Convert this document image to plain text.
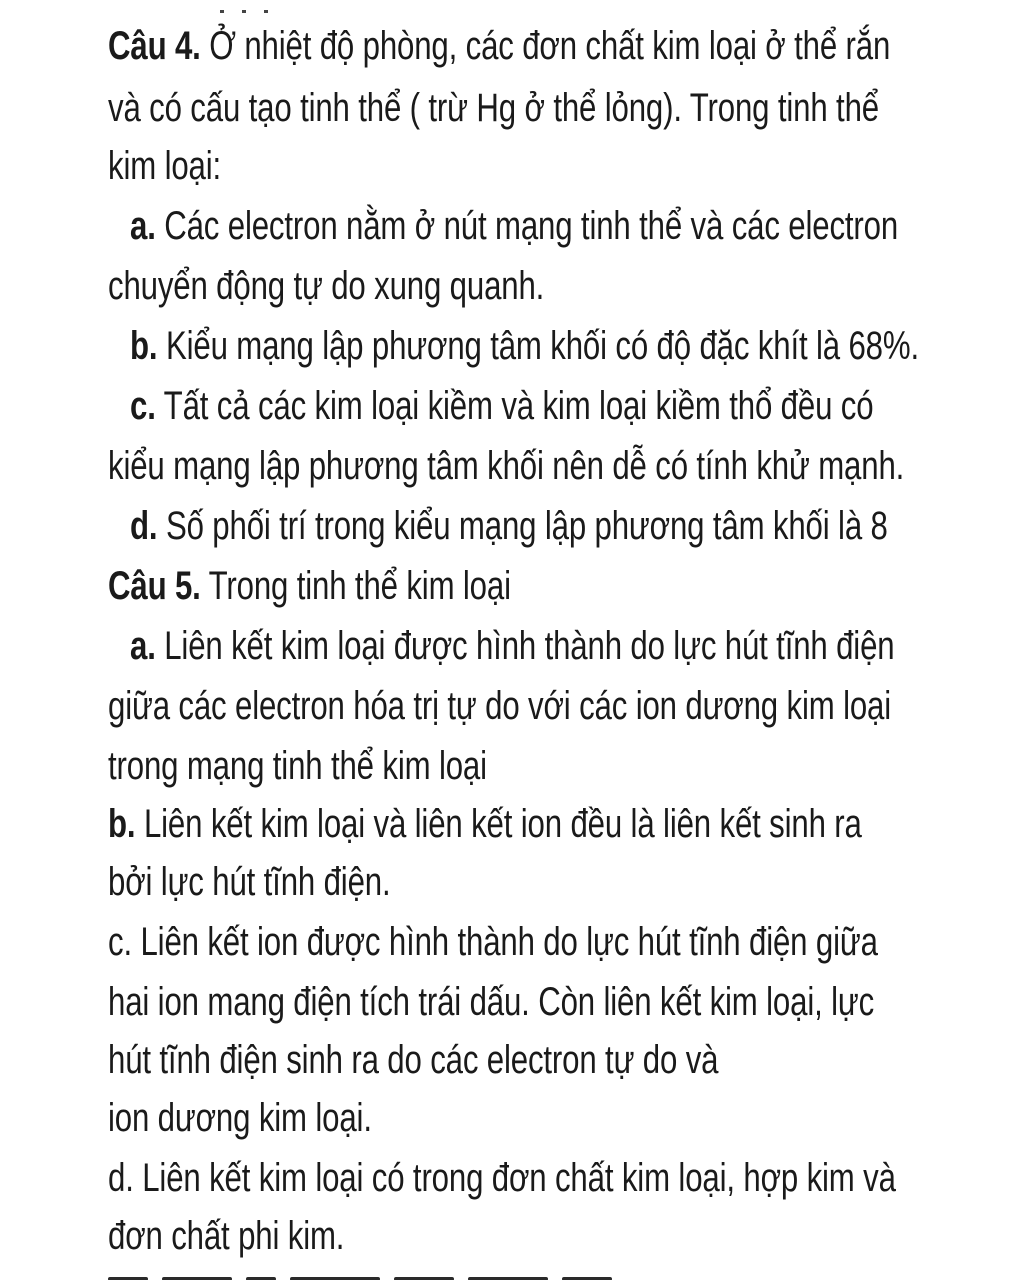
Câu 4. Ở nhiệt độ phòng, các đơn chất kim loại ở thể rắn
và có cấu tạo tinh thể ( trừ Hg ở thể lỏng). Trong tinh thể
kim loại:
a. Các electron nằm ở nút mạng tinh thể và các electron
chuyển động tự do xung quanh.
b. Kiểu mạng lập phương tâm khối có độ đặc khít là 68%.
c. Tất cả các kim loại kiềm và kim loại kiềm thổ đều có
kiểu mạng lập phương tâm khối nên dễ có tính khử mạnh.
d. Số phối trí trong kiểu mạng lập phương tâm khối là 8
Câu 5. Trong tinh thể kim loại
a. Liên kết kim loại được hình thành do lực hút tĩnh điện
giữa các electron hóa trị tự do với các ion dương kim loại
trong mạng tinh thể kim loại
b. Liên kết kim loại và liên kết ion đều là liên kết sinh ra
bởi lực hút tĩnh điện.
c. Liên kết ion được hình thành do lực hút tĩnh điện giữa
hai ion mang điện tích trái dấu. Còn liên kết kim loại, lực
hút tĩnh điện sinh ra do các electron tự do và
ion dương kim loại.
d. Liên kết kim loại có trong đơn chất kim loại, hợp kim và
đơn chất phi kim.
